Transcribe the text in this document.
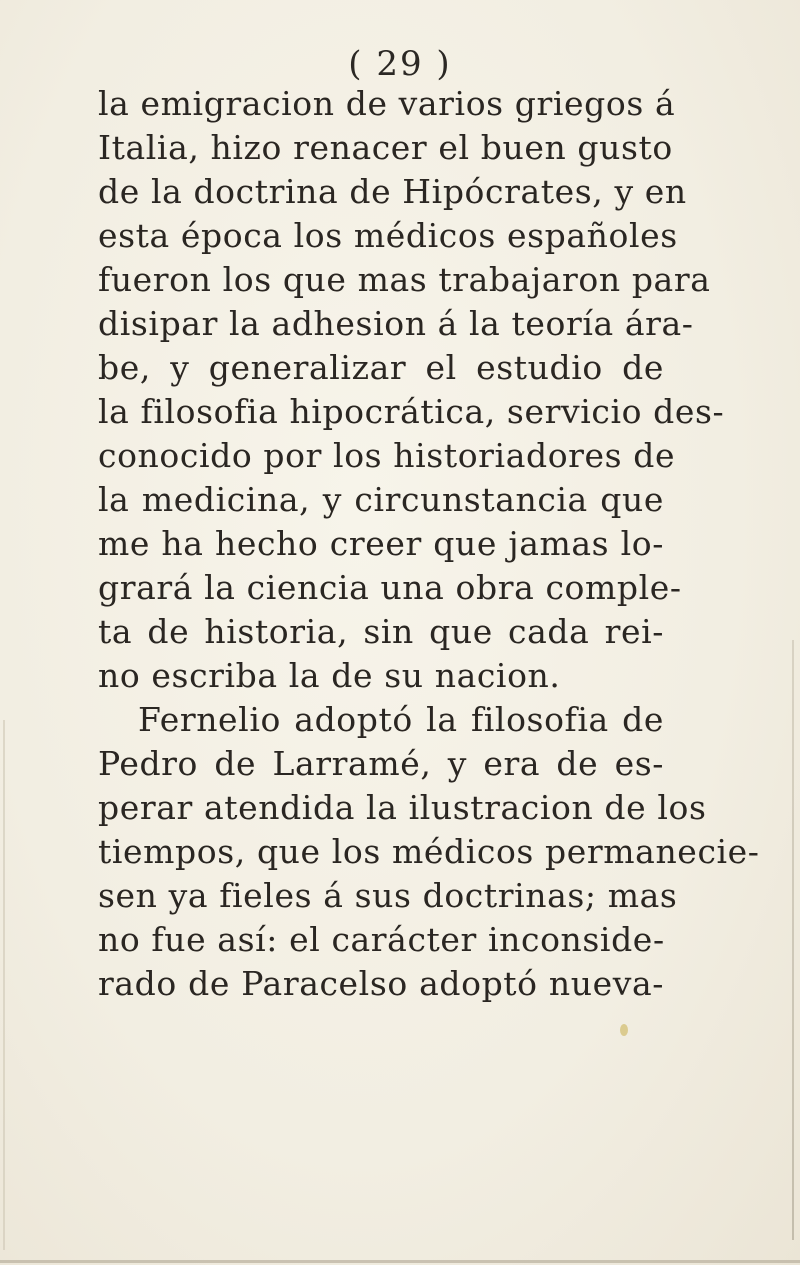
( 29 )
la emigracion de varios griegos á
Italia, hizo renacer el buen gusto
de la doctrina de Hipócrates, y en
esta época los médicos españoles
fueron los que mas trabajaron para
disipar la adhesion á la teoría ára-
be, y generalizar el estudio de
la filosofia hipocrática, servicio des-
conocido por los historiadores de
la medicina, y circunstancia que
me ha hecho creer que jamas lo-
grará la ciencia una obra comple-
ta de historia, sin que cada rei-
no escriba la de su nacion.
Fernelio adoptó la filosofia de
Pedro de Larramé, y era de es-
perar atendida la ilustracion de los
tiempos, que los médicos permanecie-
sen ya fieles á sus doctrinas; mas
no fue así: el carácter inconside-
rado de Paracelso adoptó nueva-
